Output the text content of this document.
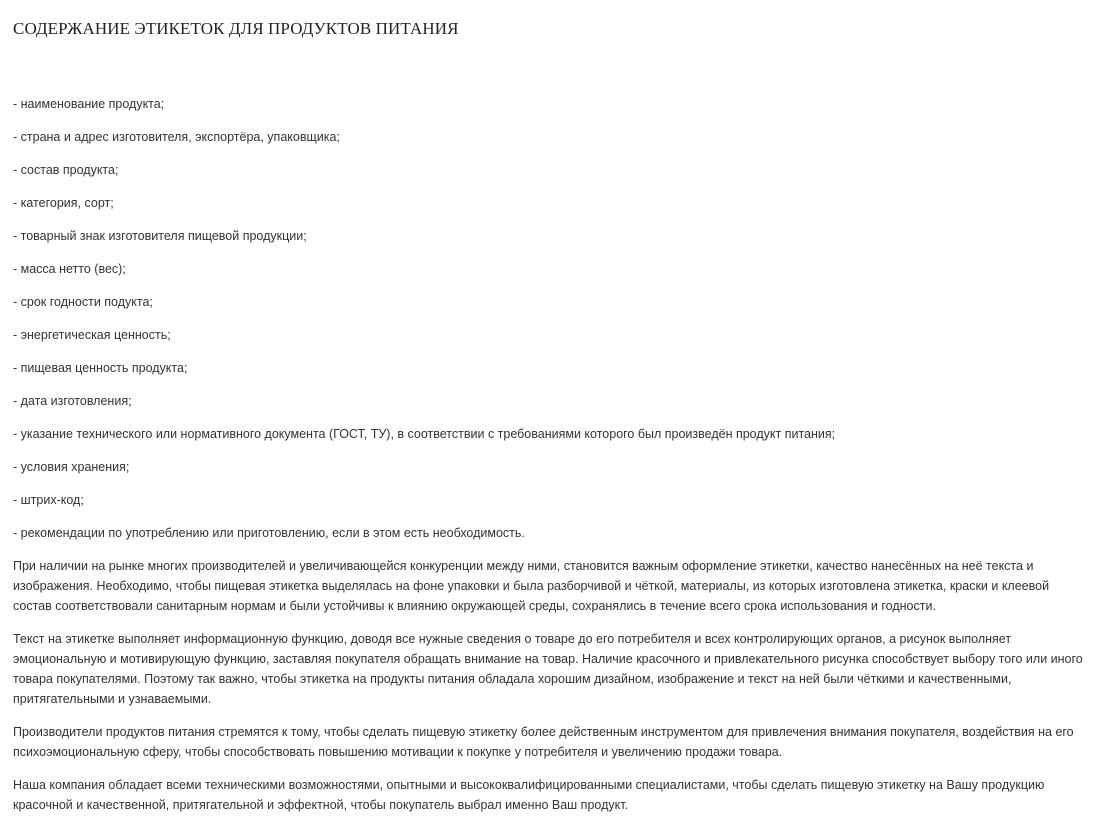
СОДЕРЖАНИЕ ЭТИКЕТОК ДЛЯ ПРОДУКТОВ ПИТАНИЯ
- наименование продукта;
- страна и адрес изготовителя, экспортёра, упаковщика;
- состав продукта;
- категория, сорт;
- товарный знак изготовителя пищевой продукции;
- масса нетто (вес);
- срок годности подукта;
- энергетическая ценность;
- пищевая ценность продукта;
- дата изготовления;
- указание технического или нормативного документа (ГОСТ, ТУ), в соответствии с требованиями которого был произведён продукт питания;
- условия хранения;
- штрих-код;
- рекомендации по употреблению или приготовлению, если в этом есть необходимость.

При наличии на рынке многих производителей и увеличивающейся конкуренции между ними, становится важным оформление этикетки, качество нанесённых на неё текста и изображения. Необходимо, чтобы пищевая этикетка выделялась на фоне упаковки и была разборчивой и чёткой, материалы, из которых изготовлена этикетка, краски и клеевой состав соответствовали санитарным нормам и были устойчивы к влиянию окружающей среды, сохранялись в течение всего срока использования и годности.

Текст на этикетке выполняет информационную функцию, доводя все нужные сведения о товаре до его потребителя и всех контролирующих органов, а рисунок выполняет эмоциональную и мотивирующую функцию, заставляя покупателя обращать внимание на товар. Наличие красочного и привлекательного рисунка способствует выбору того или иного товара покупателями. Поэтому так важно, чтобы этикетка на продукты питания обладала хорошим дизайном, изображение и текст на ней были чёткими и качественными, притягательными и узнаваемыми.

Производители продуктов питания стремятся к тому, чтобы сделать пищевую этикетку более действенным инструментом для привлечения внимания покупателя, воздействия на его психоэмоциональную сферу, чтобы способствовать повышению мотивации к покупке у потребителя и увеличению продажи товара.

Наша компания обладает всеми техническими возможностями, опытными и высококвалифицированными специалистами, чтобы сделать пищевую этикетку на Вашу продукцию красочной и качественной, притягательной и эффектной, чтобы покупатель выбрал именно Ваш продукт.
